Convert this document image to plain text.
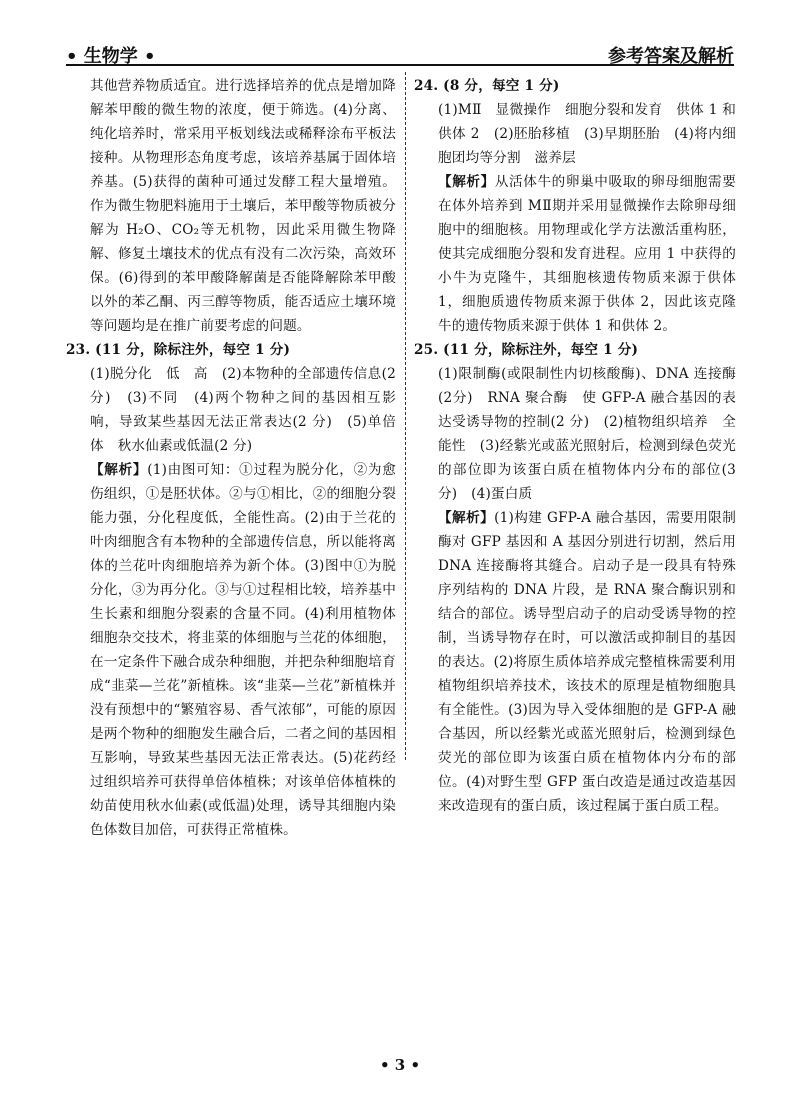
• 生物学 •	参考答案及解析

其他营养物质适宜。进行选择培养的优点是增加降解苯甲酸的微生物的浓度，便于筛选。(4)分离、纯化培养时，常采用平板划线法或稀释涂布平板法接种。从物理形态角度考虑，该培养基属于固体培养基。(5)获得的菌种可通过发酵工程大量增殖。作为微生物肥料施用于土壤后，苯甲酸等物质被分解为 H₂O、CO₂等无机物，因此采用微生物降解、修复土壤技术的优点有没有二次污染，高效环保。(6)得到的苯甲酸降解菌是否能降解除苯甲酸以外的苯乙酮、丙三醇等物质，能否适应土壤环境等问题均是在推广前要考虑的问题。

23. (11 分，除标注外，每空 1 分)

(1)脱分化　低　高　(2)本物种的全部遗传信息(2分)　(3)不同　(4)两个物种之间的基因相互影响，导致某些基因无法正常表达(2 分)　(5)单倍体　秋水仙素或低温(2 分)

【解析】(1)由图可知：①过程为脱分化，②为愈伤组织，①是胚状体。②与①相比，②的细胞分裂能力强，分化程度低，全能性高。(2)由于兰花的叶肉细胞含有本物种的全部遗传信息，所以能将离体的兰花叶肉细胞培养为新个体。(3)图中①为脱分化，③为再分化。③与①过程相比较，培养基中生长素和细胞分裂素的含量不同。(4)利用植物体细胞杂交技术，将韭菜的体细胞与兰花的体细胞，在一定条件下融合成杂种细胞，并把杂种细胞培育成“韭菜—兰花”新植株。该“韭菜—兰花”新植株并没有预想中的“繁殖容易、香气浓郁”，可能的原因是两个物种的细胞发生融合后，二者之间的基因相互影响，导致某些基因无法正常表达。(5)花药经过组织培养可获得单倍体植株；对该单倍体植株的幼苗使用秋水仙素(或低温)处理，诱导其细胞内染色体数目加倍，可获得正常植株。

24. (8 分，每空 1 分)

(1)MⅡ　显微操作　细胞分裂和发育　供体 1 和供体 2　(2)胚胎移植　(3)早期胚胎　(4)将内细胞团均等分割　滋养层

【解析】从活体牛的卵巢中吸取的卵母细胞需要在体外培养到 MⅡ期并采用显微操作去除卵母细胞中的细胞核。用物理或化学方法激活重构胚，使其完成细胞分裂和发育进程。应用 1 中获得的小牛为克隆牛，其细胞核遗传物质来源于供体 1，细胞质遗传物质来源于供体 2，因此该克隆牛的遗传物质来源于供体 1 和供体 2。

25. (11 分，除标注外，每空 1 分)

(1)限制酶(或限制性内切核酸酶)、DNA 连接酶(2分)　RNA 聚合酶　使 GFP-A 融合基因的表达受诱导物的控制(2 分)　(2)植物组织培养　全能性　(3)经紫光或蓝光照射后，检测到绿色荧光的部位即为该蛋白质在植物体内分布的部位(3 分)　(4)蛋白质

【解析】(1)构建 GFP-A 融合基因，需要用限制酶对 GFP 基因和 A 基因分别进行切割，然后用 DNA 连接酶将其缝合。启动子是一段具有特殊序列结构的 DNA 片段，是 RNA 聚合酶识别和结合的部位。诱导型启动子的启动受诱导物的控制，当诱导物存在时，可以激活或抑制目的基因的表达。(2)将原生质体培养成完整植株需要利用植物组织培养技术，该技术的原理是植物细胞具有全能性。(3)因为导入受体细胞的是 GFP-A 融合基因，所以经紫光或蓝光照射后，检测到绿色荧光的部位即为该蛋白质在植物体内分布的部位。(4)对野生型 GFP 蛋白改造是通过改造基因来改造现有的蛋白质，该过程属于蛋白质工程。

• 3 •
